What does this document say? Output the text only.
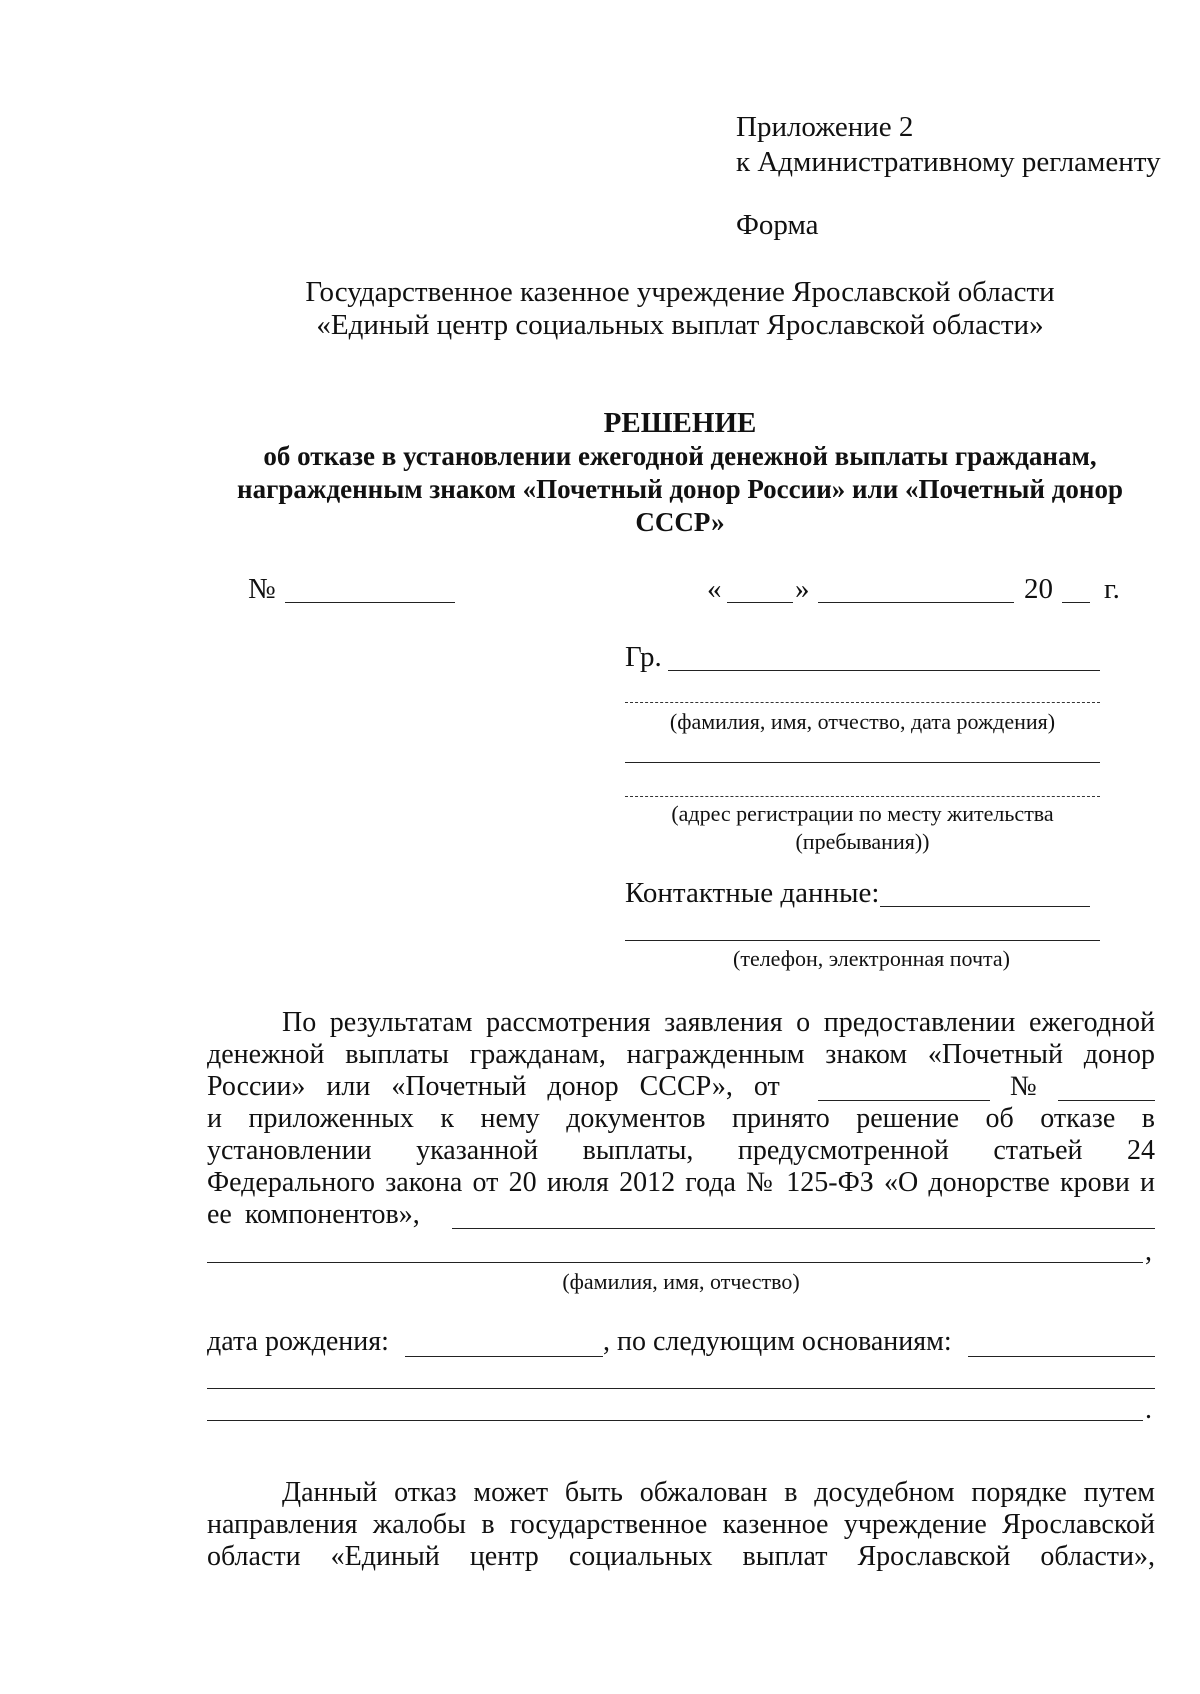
Приложение 2
к Административному регламенту
Форма
Государственное казенное учреждение Ярославской области
«Единый центр социальных выплат Ярославской области»
РЕШЕНИЕ
об отказе в установлении ежегодной денежной выплаты гражданам,
награжденным знаком «Почетный донор России» или «Почетный донор
СССР»
№	«	»	20 г.
Гр.
(фамилия, имя, отчество, дата рождения)
(адрес регистрации по месту жительства
(пребывания))
Контактные данные:
(телефон, электронная почта)
По результатам рассмотрения заявления о предоставлении ежегодной
денежной выплаты гражданам, награжденным знаком «Почетный донор
России» или «Почетный донор СССР», от	№
и приложенных к нему документов принято решение об отказе в
установлении указанной выплаты, предусмотренной статьей 24
Федерального закона от 20 июля 2012 года № 125-ФЗ «О донорстве крови и
ее компонентов»,
,
(фамилия, имя, отчество)
дата рождения:	, по следующим основаниям:
.
Данный отказ может быть обжалован в досудебном порядке путем
направления жалобы в государственное казенное учреждение Ярославской
области «Единый центр социальных выплат Ярославской области»,
